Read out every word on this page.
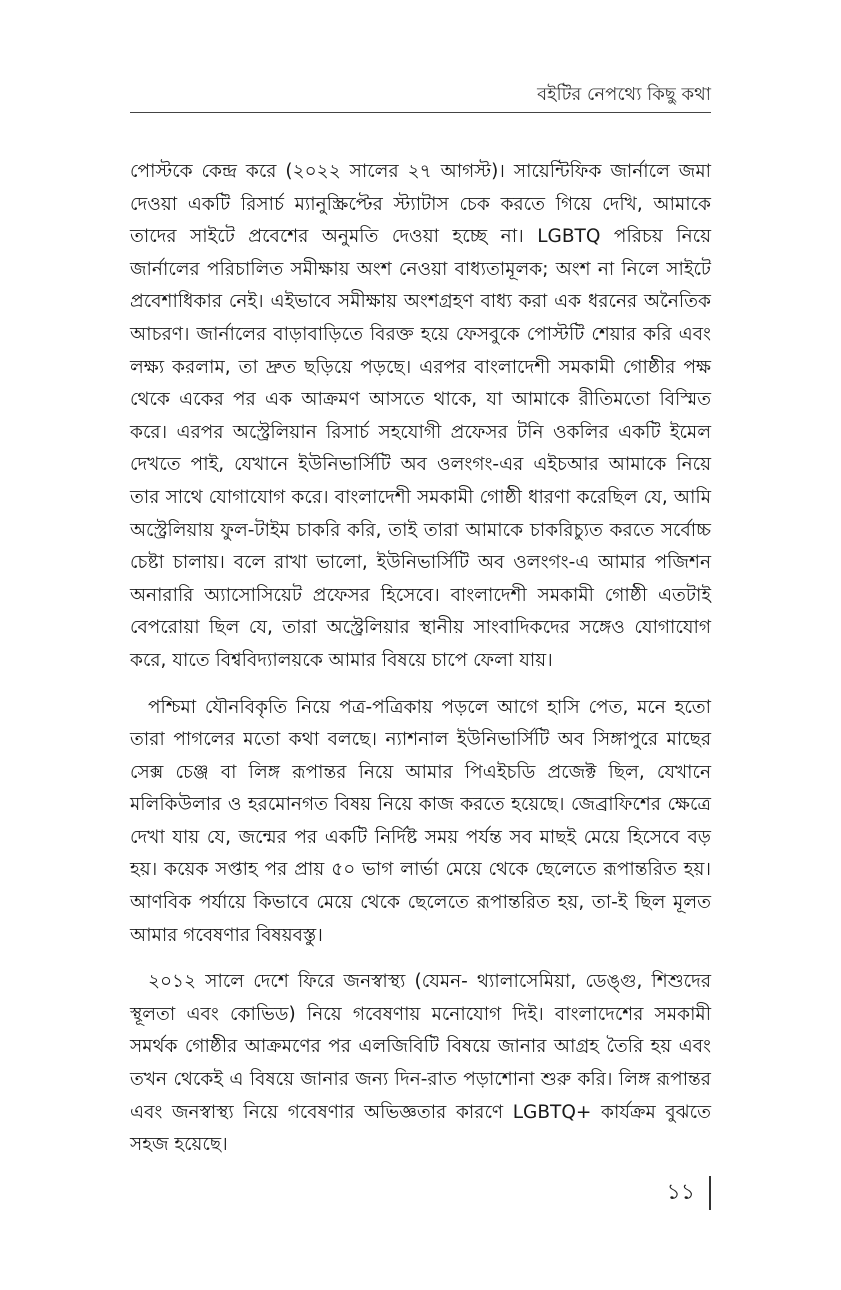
বইটির নেপথ্যে কিছু কথা

পোস্টকে কেন্দ্র করে (২০২২ সালের ২৭ আগস্ট)। সায়েন্টিফিক জার্নালে জমা দেওয়া একটি রিসার্চ ম্যানুস্ক্রিপ্টের স্ট্যাটাস চেক করতে গিয়ে দেখি, আমাকে তাদের সাইটে প্রবেশের অনুমতি দেওয়া হচ্ছে না। LGBTQ পরিচয় নিয়ে জার্নালের পরিচালিত সমীক্ষায় অংশ নেওয়া বাধ্যতামূলক; অংশ না নিলে সাইটে প্রবেশাধিকার নেই। এইভাবে সমীক্ষায় অংশগ্রহণ বাধ্য করা এক ধরনের অনৈতিক আচরণ। জার্নালের বাড়াবাড়িতে বিরক্ত হয়ে ফেসবুকে পোস্টটি শেয়ার করি এবং লক্ষ্য করলাম, তা দ্রুত ছড়িয়ে পড়ছে। এরপর বাংলাদেশী সমকামী গোষ্ঠীর পক্ষ থেকে একের পর এক আক্রমণ আসতে থাকে, যা আমাকে রীতিমতো বিস্মিত করে। এরপর অস্ট্রেলিয়ান রিসার্চ সহযোগী প্রফেসর টনি ওকলির একটি ইমেল দেখতে পাই, যেখানে ইউনিভার্সিটি অব ওলংগং-এর এইচআর আমাকে নিয়ে তার সাথে যোগাযোগ করে। বাংলাদেশী সমকামী গোষ্ঠী ধারণা করেছিল যে, আমি অস্ট্রেলিয়ায় ফুল-টাইম চাকরি করি, তাই তারা আমাকে চাকরিচ্যুত করতে সর্বোচ্চ চেষ্টা চালায়। বলে রাখা ভালো, ইউনিভার্সিটি অব ওলংগং-এ আমার পজিশন অনারারি অ্যাসোসিয়েট প্রফেসর হিসেবে। বাংলাদেশী সমকামী গোষ্ঠী এতটাই বেপরোয়া ছিল যে, তারা অস্ট্রেলিয়ার স্থানীয় সাংবাদিকদের সঙ্গেও যোগাযোগ করে, যাতে বিশ্ববিদ্যালয়কে আমার বিষয়ে চাপে ফেলা যায়।

পশ্চিমা যৌনবিকৃতি নিয়ে পত্র-পত্রিকায় পড়লে আগে হাসি পেত, মনে হতো তারা পাগলের মতো কথা বলছে। ন্যাশনাল ইউনিভার্সিটি অব সিঙ্গাপুরে মাছের সেক্স চেঞ্জ বা লিঙ্গ রূপান্তর নিয়ে আমার পিএইচডি প্রজেক্ট ছিল, যেখানে মলিকিউলার ও হরমোনগত বিষয় নিয়ে কাজ করতে হয়েছে। জেব্রাফিশের ক্ষেত্রে দেখা যায় যে, জন্মের পর একটি নির্দিষ্ট সময় পর্যন্ত সব মাছই মেয়ে হিসেবে বড় হয়। কয়েক সপ্তাহ পর প্রায় ৫০ ভাগ লার্ভা মেয়ে থেকে ছেলেতে রূপান্তরিত হয়। আণবিক পর্যায়ে কিভাবে মেয়ে থেকে ছেলেতে রূপান্তরিত হয়, তা-ই ছিল মূলত আমার গবেষণার বিষয়বস্তু।

২০১২ সালে দেশে ফিরে জনস্বাস্থ্য (যেমন- থ্যালাসেমিয়া, ডেঙ্গু, শিশুদের স্থূলতা এবং কোভিড) নিয়ে গবেষণায় মনোযোগ দিই। বাংলাদেশের সমকামী সমর্থক গোষ্ঠীর আক্রমণের পর এলজিবিটি বিষয়ে জানার আগ্রহ তৈরি হয় এবং তখন থেকেই এ বিষয়ে জানার জন্য দিন-রাত পড়াশোনা শুরু করি। লিঙ্গ রূপান্তর এবং জনস্বাস্থ্য নিয়ে গবেষণার অভিজ্ঞতার কারণে LGBTQ+ কার্যক্রম বুঝতে সহজ হয়েছে।

১১
